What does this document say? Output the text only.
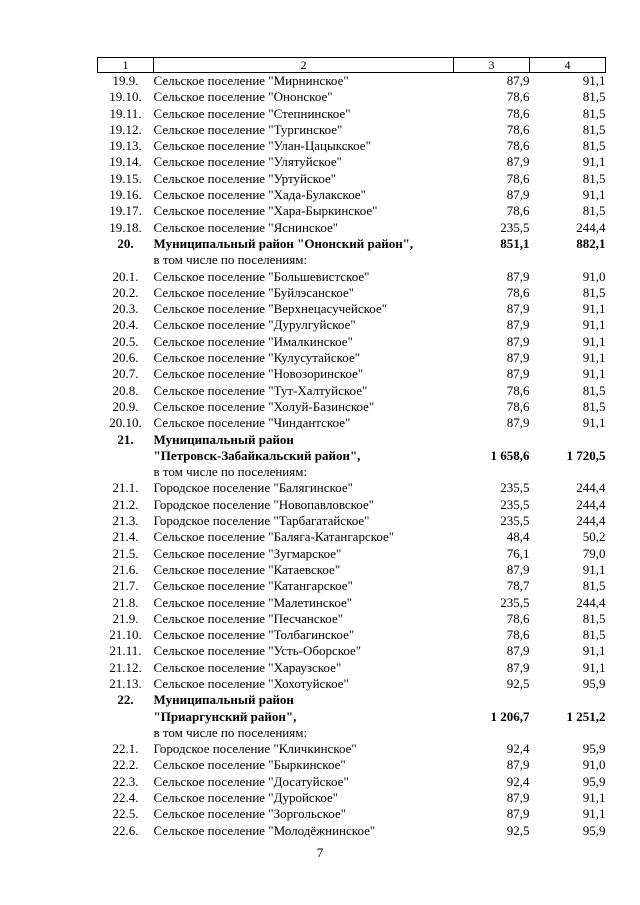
1	2	3	4
19.9.	Сельское поселение "Мирнинское"	87,9	91,1
19.10.	Сельское поселение "Ононское"	78,6	81,5
19.11.	Сельское поселение "Степнинское"	78,6	81,5
19.12.	Сельское поселение "Тургинское"	78,6	81,5
19.13.	Сельское поселение "Улан-Цацыкское"	78,6	81,5
19.14.	Сельское поселение "Улятуйское"	87,9	91,1
19.15.	Сельское поселение "Уртуйское"	78,6	81,5
19.16.	Сельское поселение "Хада-Булакское"	87,9	91,1
19.17.	Сельское поселение "Хара-Быркинское"	78,6	81,5
19.18.	Сельское поселение "Яснинское"	235,5	244,4
20.	Муниципальный район "Ононский район",	851,1	882,1
	в том числе по поселениям:		
20.1.	Сельское поселение "Большевистское"	87,9	91,0
20.2.	Сельское поселение "Буйлэсанское"	78,6	81,5
20.3.	Сельское поселение "Верхнецасучейское"	87,9	91,1
20.4.	Сельское поселение "Дурулгуйское"	87,9	91,1
20.5.	Сельское поселение "Ималкинское"	87,9	91,1
20.6.	Сельское поселение "Кулусутайское"	87,9	91,1
20.7.	Сельское поселение "Новозоринское"	87,9	91,1
20.8.	Сельское поселение "Тут-Халтуйское"	78,6	81,5
20.9.	Сельское поселение "Холуй-Базинское"	78,6	81,5
20.10.	Сельское поселение "Чиндантское"	87,9	91,1
21.	Муниципальный район		
	"Петровск-Забайкальский район",	1 658,6	1 720,5
	в том числе по поселениям:		
21.1.	Городское поселение "Балягинское"	235,5	244,4
21.2.	Городское поселение "Новопавловское"	235,5	244,4
21.3.	Городское поселение "Тарбагатайское"	235,5	244,4
21.4.	Сельское поселение "Баляга-Катангарское"	48,4	50,2
21.5.	Сельское поселение "Зугмарское"	76,1	79,0
21.6.	Сельское поселение "Катаевское"	87,9	91,1
21.7.	Сельское поселение "Катангарское"	78,7	81,5
21.8.	Сельское поселение "Малетинское"	235,5	244,4
21.9.	Сельское поселение "Песчанское"	78,6	81,5
21.10.	Сельское поселение "Толбагинское"	78,6	81,5
21.11.	Сельское поселение "Усть-Оборское"	87,9	91,1
21.12.	Сельское поселение "Хараузское"	87,9	91,1
21.13.	Сельское поселение "Хохотуйское"	92,5	95,9
22.	Муниципальный район		
	"Приаргунский район",	1 206,7	1 251,2
	в том числе по поселениям:		
22.1.	Городское поселение "Кличкинское"	92,4	95,9
22.2.	Сельское поселение "Быркинское"	87,9	91,0
22.3.	Сельское поселение "Досатуйское"	92,4	95,9
22.4.	Сельское поселение "Дуройское"	87,9	91,1
22.5.	Сельское поселение "Зоргольское"	87,9	91,1
22.6.	Сельское поселение "Молодёжнинское"	92,5	95,9
7
